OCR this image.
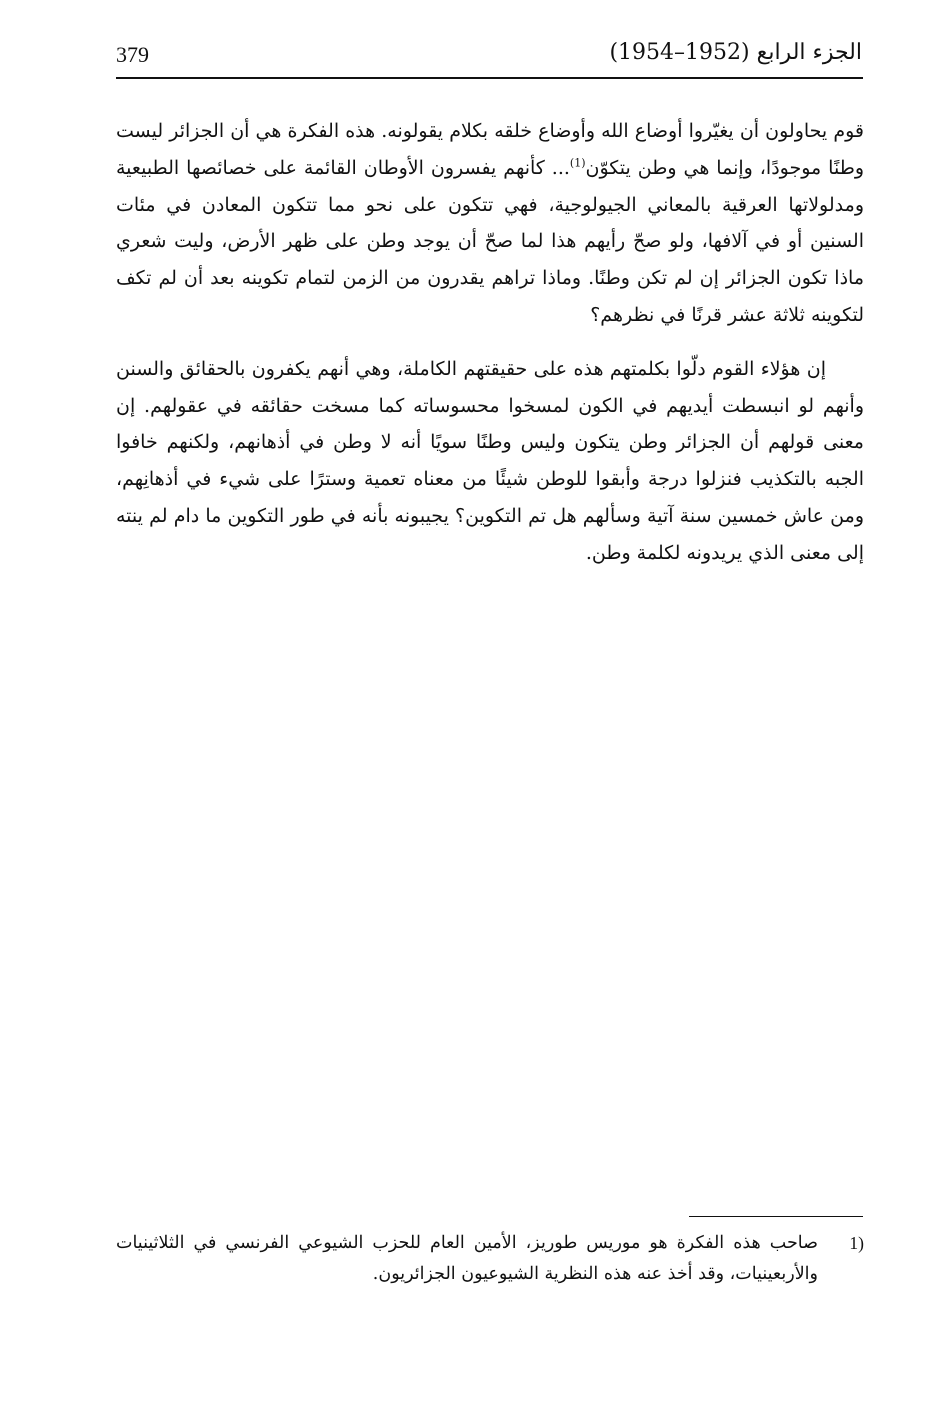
379	الجزء الرابع (1952–1954)

قوم يحاولون أن يغيّروا أوضاع الله وأوضاع خلقه بكلام يقولونه. هذه الفكرة هي أن الجزائر ليست وطنًا موجودًا، وإنما هي وطن يتكوّن$^{(1)}$... كأنهم يفسرون الأوطان القائمة على خصائصها الطبيعية ومدلولاتها العرقية بالمعاني الجيولوجية، فهي تتكون على نحو مما تتكون المعادن في مئات السنين أو في آلافها، ولو صحّ رأيهم هذا لما صحّ أن يوجد وطن على ظهر الأرض، وليت شعري ماذا تكون الجزائر إن لم تكن وطنًا. وماذا تراهم يقدرون من الزمن لتمام تكوينه بعد أن لم تكف لتكوينه ثلاثة عشر قرنًا في نظرهم؟

إن هؤلاء القوم دلّوا بكلمتهم هذه على حقيقتهم الكاملة، وهي أنهم يكفرون بالحقائق والسنن وأنهم لو انبسطت أيديهم في الكون لمسخوا محسوساته كما مسخت حقائقه في عقولهم. إن معنى قولهم أن الجزائر وطن يتكون وليس وطنًا سويًا أنه لا وطن في أذهانهم، ولكنهم خافوا الجبه بالتكذيب فنزلوا درجة وأبقوا للوطن شيئًا من معناه تعمية وسترًا على شيء في أذهانِهم، ومن عاش خمسين سنة آتية وسألهم هل تم التكوين؟ يجيبونه بأنه في طور التكوين ما دام لم ينته إلى معنى الذي يريدونه لكلمة وطن.

1)
صاحب هذه الفكرة هو موريس طوريز، الأمين العام للحزب الشيوعي الفرنسي في الثلاثينيات والأربعينيات، وقد أخذ عنه هذه النظرية الشيوعيون الجزائريون.
